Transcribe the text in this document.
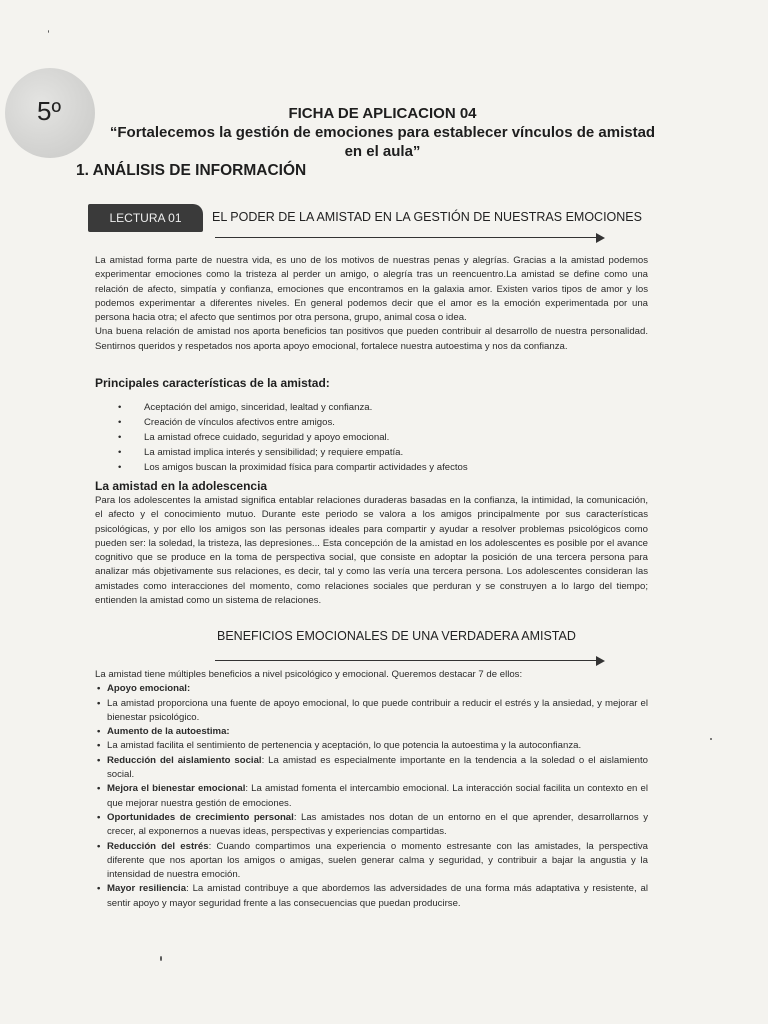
5º	FICHA DE APLICACION 04
“Fortalecemos la gestión de emociones para establecer vínculos de amistad
en el aula”
1. ANÁLISIS DE INFORMACIÓN
LECTURA 01 EL PODER DE LA AMISTAD EN LA GESTIÓN DE NUESTRAS EMOCIONES

La amistad forma parte de nuestra vida, es uno de los motivos de nuestras penas y alegrías. Gracias a la amistad podemos experimentar emociones como la tristeza al perder un amigo, o alegría tras un reencuentro.La amistad se define como una relación de afecto, simpatía y confianza, emociones que encontramos en la galaxia amor. Existen varios tipos de amor y los podemos experimentar a diferentes niveles. En general podemos decir que el amor es la emoción experimentada por una persona hacia otra; el afecto que sentimos por otra persona, grupo, animal cosa o idea.

Una buena relación de amistad nos aporta beneficios tan positivos que pueden contribuir al desarrollo de nuestra personalidad. Sentirnos queridos y respetados nos aporta apoyo emocional, fortalece nuestra autoestima y nos da confianza.

Principales características de la amistad:
• Aceptación del amigo, sinceridad, lealtad y confianza.
• Creación de vínculos afectivos entre amigos.
• La amistad ofrece cuidado, seguridad y apoyo emocional.
• La amistad implica interés y sensibilidad; y requiere empatía.
• Los amigos buscan la proximidad física para compartir actividades y afectos
La amistad en la adolescencia

Para los adolescentes la amistad significa entablar relaciones duraderas basadas en la confianza, la intimidad, la comunicación, el afecto y el conocimiento mutuo. Durante este periodo se valora a los amigos principalmente por sus características psicológicas, y por ello los amigos son las personas ideales para compartir y ayudar a resolver problemas psicológicos como pueden ser: la soledad, la tristeza, las depresiones... Esta concepción de la amistad en los adolescentes es posible por el avance cognitivo que se produce en la toma de perspectiva social, que consiste en adoptar la posición de una tercera persona para analizar más objetivamente sus relaciones, es decir, tal y como las vería una tercera persona. Los adolescentes consideran las amistades como interacciones del momento, como relaciones sociales que perduran y se construyen a lo largo del tiempo; entienden la amistad como un sistema de relaciones.

BENEFICIOS EMOCIONALES DE UNA VERDADERA AMISTAD

La amistad tiene múltiples beneficios a nivel psicológico y emocional. Queremos destacar 7 de ellos:

• Apoyo emocional:
• La amistad proporciona una fuente de apoyo emocional, lo que puede contribuir a reducir el estrés y la ansiedad, y mejorar el bienestar psicológico.
• Aumento de la autoestima:
• La amistad facilita el sentimiento de pertenencia y aceptación, lo que potencia la autoestima y la autoconfianza.
• Reducción del aislamiento social: La amistad es especialmente importante en la tendencia a la soledad o el aislamiento social.
• Mejora el bienestar emocional: La amistad fomenta el intercambio emocional. La interacción social facilita un contexto en el que mejorar nuestra gestión de emociones.
• Oportunidades de crecimiento personal: Las amistades nos dotan de un entorno en el que aprender, desarrollarnos y crecer, al exponernos a nuevas ideas, perspectivas y experiencias compartidas.
• Reducción del estrés: Cuando compartimos una experiencia o momento estresante con las amistades, la perspectiva diferente que nos aportan los amigos o amigas, suelen generar calma y seguridad, y contribuir a bajar la angustia y la intensidad de nuestra emoción.
• Mayor resiliencia: La amistad contribuye a que abordemos las adversidades de una forma más adaptativa y resistente, al sentir apoyo y mayor seguridad frente a las consecuencias que puedan producirse.
